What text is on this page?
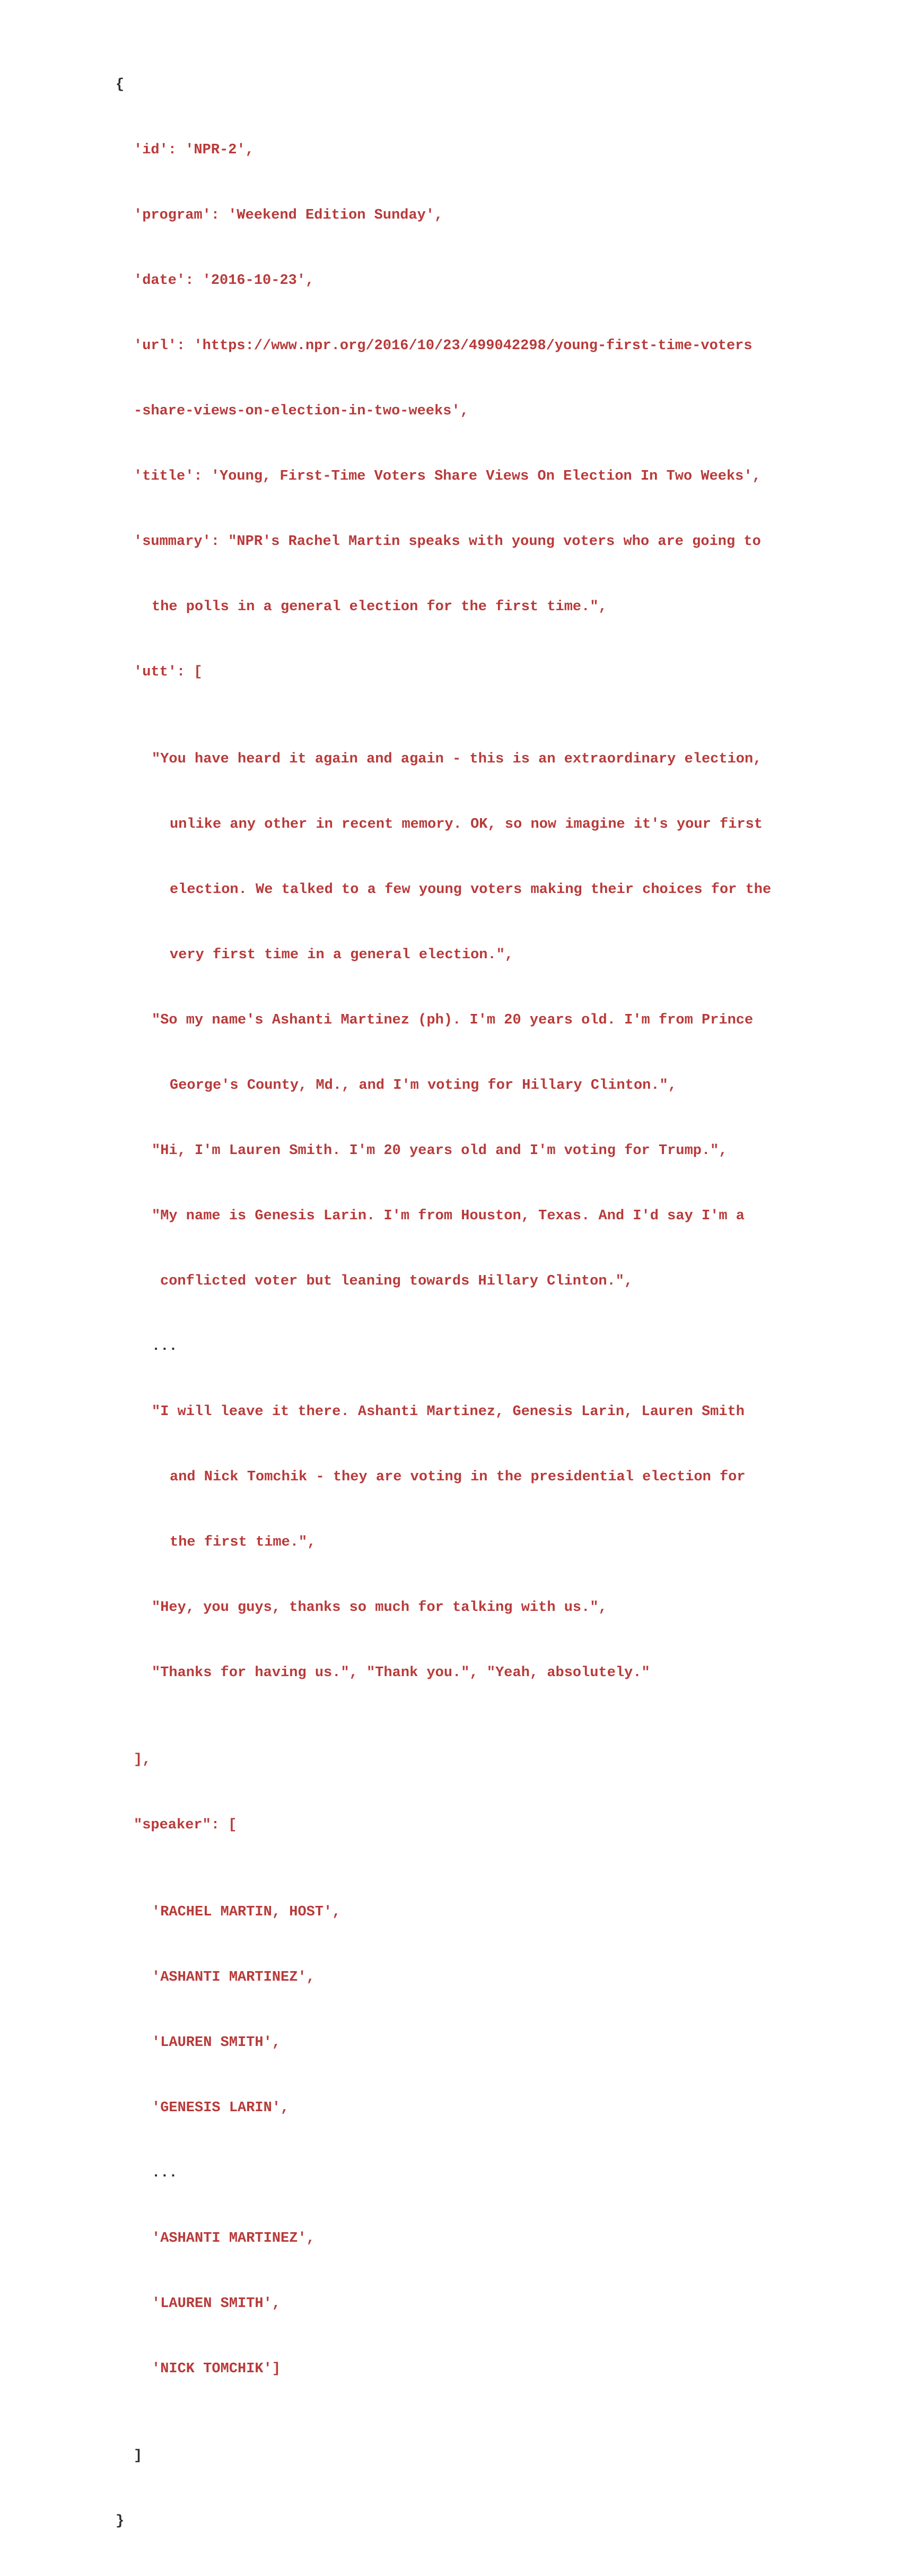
{

'id': 'NPR-2',

'program': 'Weekend Edition Sunday',

'date': '2016-10-23',

'url': 'https://www.npr.org/2016/10/23/499042298/young-first-time-voters

-share-views-on-election-in-two-weeks',

'title': 'Young, First-Time Voters Share Views On Election In Two Weeks',

'summary': "NPR's Rachel Martin speaks with young voters who are going to

the polls in a general election for the first time.",

'utt': [

"You have heard it again and again - this is an extraordinary election,

unlike any other in recent memory. OK, so now imagine it's your first

election. We talked to a few young voters making their choices for the

very first time in a general election.",

"So my name's Ashanti Martinez (ph). I'm 20 years old. I'm from Prince

George's County, Md., and I'm voting for Hillary Clinton.",

"Hi, I'm Lauren Smith. I'm 20 years old and I'm voting for Trump.",

"My name is Genesis Larin. I'm from Houston, Texas. And I'd say I'm a

conflicted voter but leaning towards Hillary Clinton.",

...

"I will leave it there. Ashanti Martinez, Genesis Larin, Lauren Smith

and Nick Tomchik - they are voting in the presidential election for

the first time.",

"Hey, you guys, thanks so much for talking with us.",

"Thanks for having us.", "Thank you.", "Yeah, absolutely."

],

"speaker": [

'RACHEL MARTIN, HOST',

'ASHANTI MARTINEZ',

'LAUREN SMITH',

'GENESIS LARIN',

...

'ASHANTI MARTINEZ',

'LAUREN SMITH',

'NICK TOMCHIK']

]

}
